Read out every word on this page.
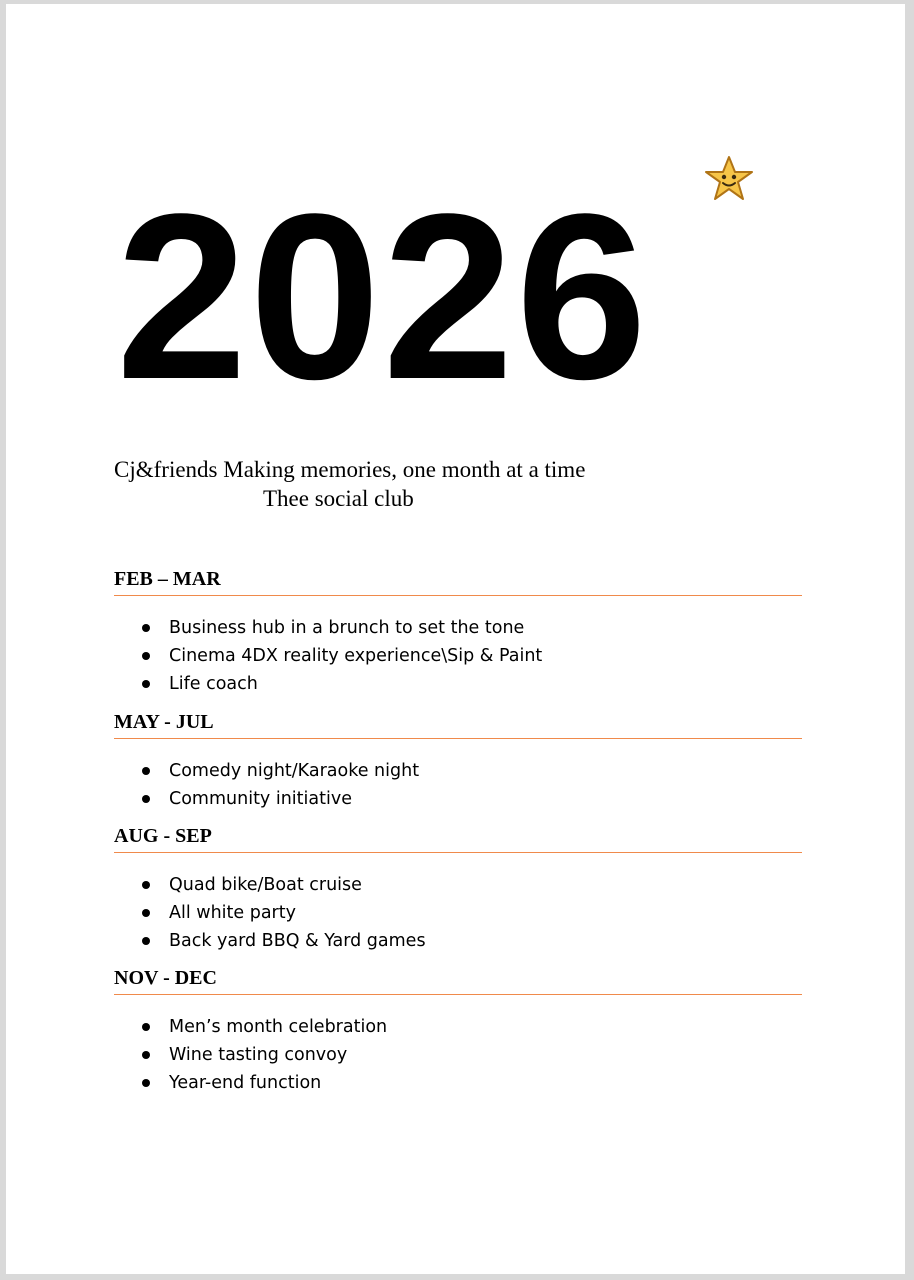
2026
Cj&friends Making memories, one month at a time
Thee social club
FEB – MAR
Business hub in a brunch to set the tone
Cinema 4DX reality experience\Sip & Paint
Life coach
MAY - JUL
Comedy night/Karaoke night
Community initiative
AUG - SEP
Quad bike/Boat cruise
All white party
Back yard BBQ & Yard games
NOV - DEC
Men’s month celebration
Wine tasting convoy
Year-end function
